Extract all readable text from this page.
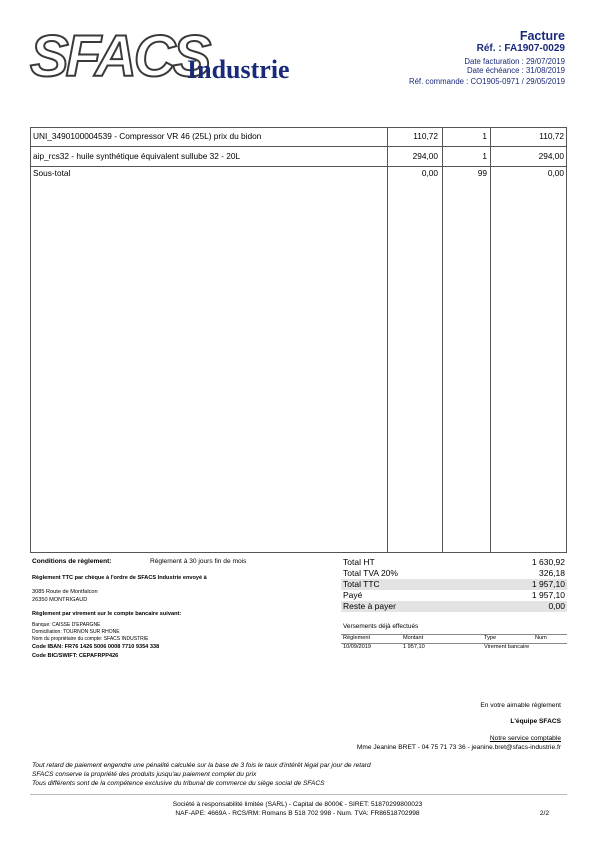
SFACS
Industrie
Facture
Réf. : FA1907-0029
Date facturation : 29/07/2019
Date échéance : 31/08/2019
Réf. commande : CO1905-0971 / 29/05/2019
UNI_3490100004539 - Compressor VR 46 (25L) prix du bidon	110,72	1	110,72
aip_rcs32 - huile synthétique équivalent sullube 32 - 20L	294,00	1	294,00
Sous-total	0,00	99	0,00
Conditions de règlement:	Règlement à 30 jours fin de mois
Règlement TTC par chèque à l'ordre de SFACS Industrie envoyé à
3085 Route de Montfalcon
26350 MONTRIGAUD
Règlement par virement sur le compte bancaire suivant:
Banque: CAISSE D'EPARGNE
Domiciliation: TOURNON SUR RHONE
Nom du propriétaire du compte: SFACS INDUSTRIE
Code IBAN: FR76 1426 5006 0008 7710 9354 338
Code BIC/SWIFT: CEPAFRPP426
Total HT	1 630,92
Total TVA 20%	326,18
Total TTC	1 957,10
Payé	1 957,10
Reste à payer	0,00
Versements déjà effectués
Règlement	Montant	Type	Num
10/09/2019	1 957,10	Virement bancaire
En votre aimable règlement
L'équipe SFACS
Notre service comptable
Mme Jeanine BRET - 04 75 71 73 36 - jeanine.bret@sfacs-industrie.fr
Tout retard de paiement engendre une pénalité calculée sur la base de 3 fois le taux d'intérêt légal par jour de retard
SFACS conserve la propriété des produits jusqu'au paiement complet du prix
Tous différents sont de la compétence exclusive du tribunal de commerce du siège social de SFACS
Société à responsabilité limitée (SARL) - Capital de 8000€ - SIRET: 51870299800023
NAF-APE: 4669A - RCS/RM: Romans B 518 702 998 - Num. TVA: FR86518702998	2/2
